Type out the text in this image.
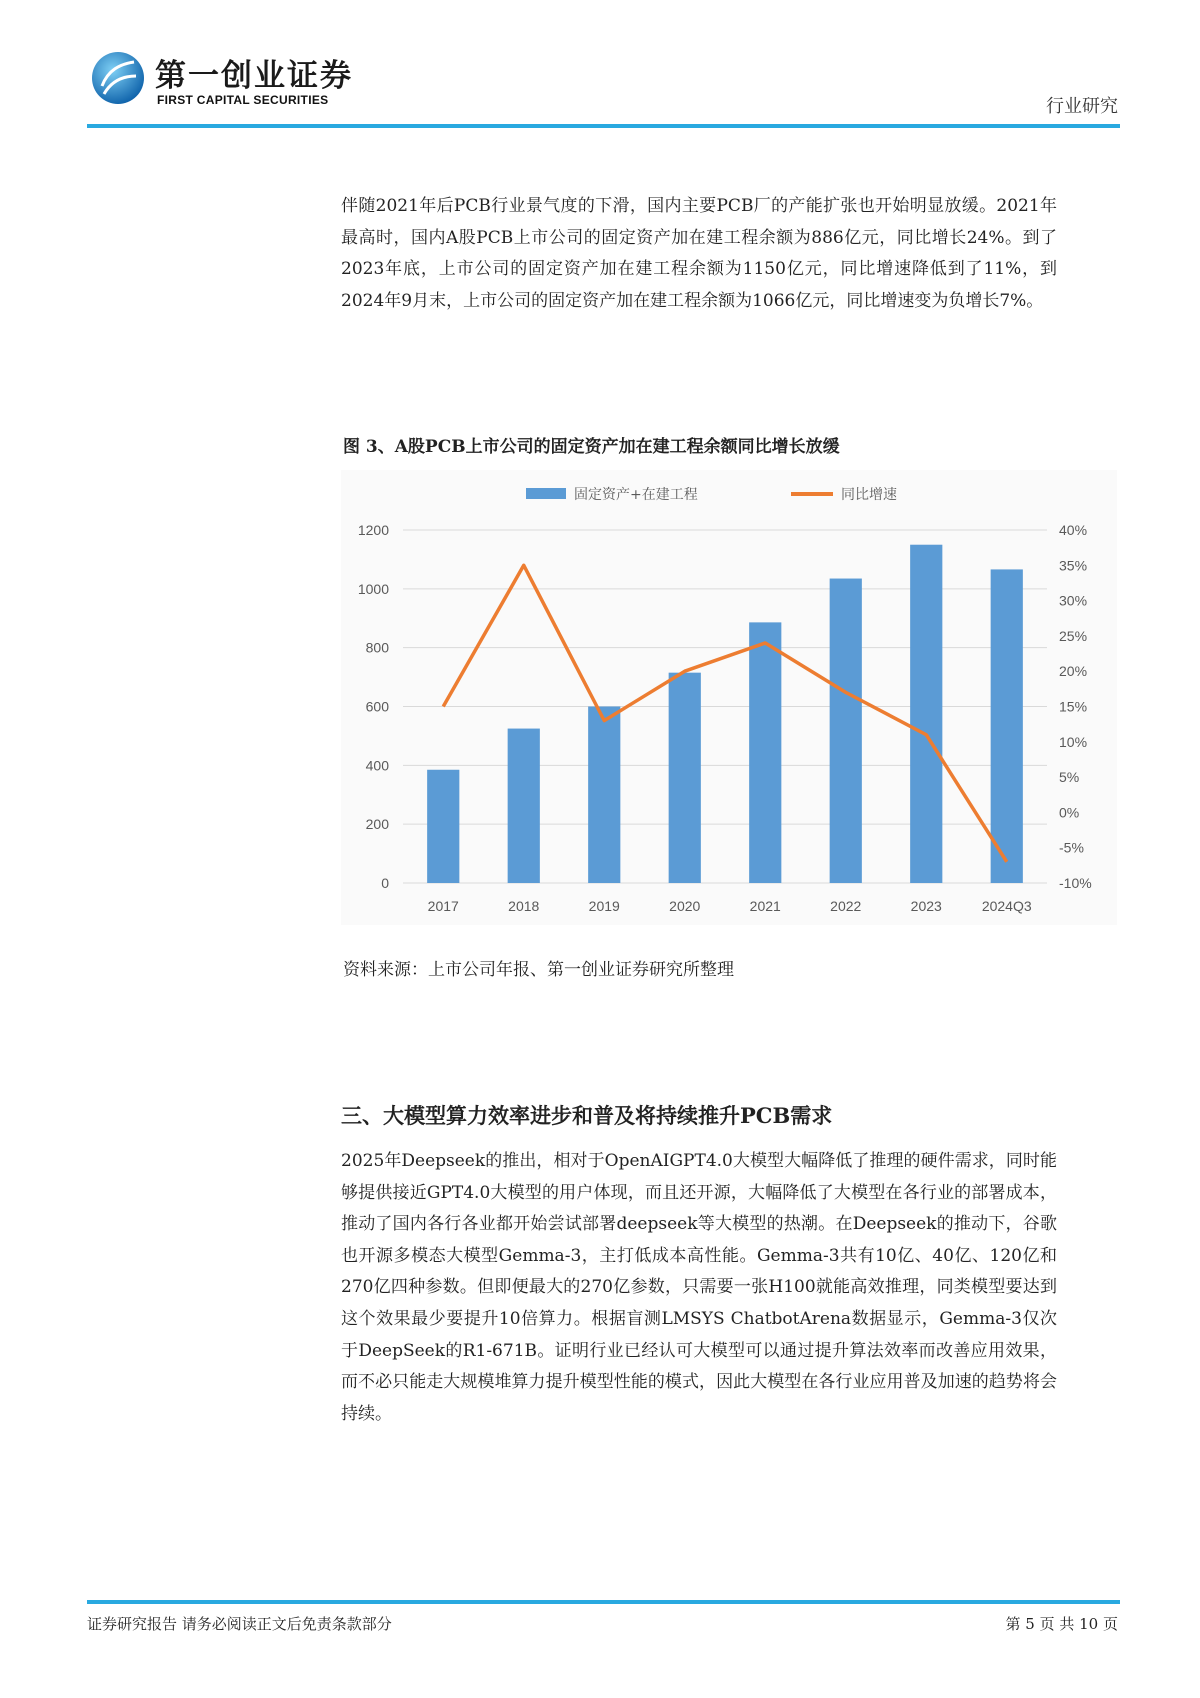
第一创业证券
FIRST CAPITAL SECURITIES	行业研究

伴随2021年后PCB行业景气度的下滑，国内主要PCB厂的产能扩张也开始明显放缓。2021年最高时，国内A股PCB上市公司的固定资产加在建工程余额为886亿元，同比增长24%。到了2023年底，上市公司的固定资产加在建工程余额为1150亿元，同比增速降低到了11%，到2024年9月末，上市公司的固定资产加在建工程余额为1066亿元，同比增速变为负增长7%。

图 3、A股PCB上市公司的固定资产加在建工程余额同比增长放缓
0
200
400
600
800
1000
1200
-10%
-5%
0%
5%
10%
15%
20%
25%
30%
35%
40%
2017	2018	2019	2020	2021	2022	2023	2024Q3
固定资产+在建工程	同比增速
资料来源：上市公司年报、第一创业证券研究所整理
三、大模型算力效率进步和普及将持续推升PCB需求

2025年Deepseek的推出，相对于OpenAIGPT4.0大模型大幅降低了推理的硬件需求，同时能够提供接近GPT4.0大模型的用户体现，而且还开源，大幅降低了大模型在各行业的部署成本，推动了国内各行各业都开始尝试部署deepseek等大模型的热潮。在Deepseek的推动下，谷歌也开源多模态大模型Gemma-3，主打低成本高性能。Gemma-3共有10亿、40亿、120亿和270亿四种参数。但即便最大的270亿参数，只需要一张H100就能高效推理，同类模型要达到这个效果最少要提升10倍算力。根据盲测LMSYS ChatbotArena数据显示，Gemma-3仅次于DeepSeek的R1-671B。证明行业已经认可大模型可以通过提升算法效率而改善应用效果，而不必只能走大规模堆算力提升模型性能的模式，因此大模型在各行业应用普及加速的趋势将会持续。

证券研究报告 请务必阅读正文后免责条款部分	第 5 页 共 10 页
